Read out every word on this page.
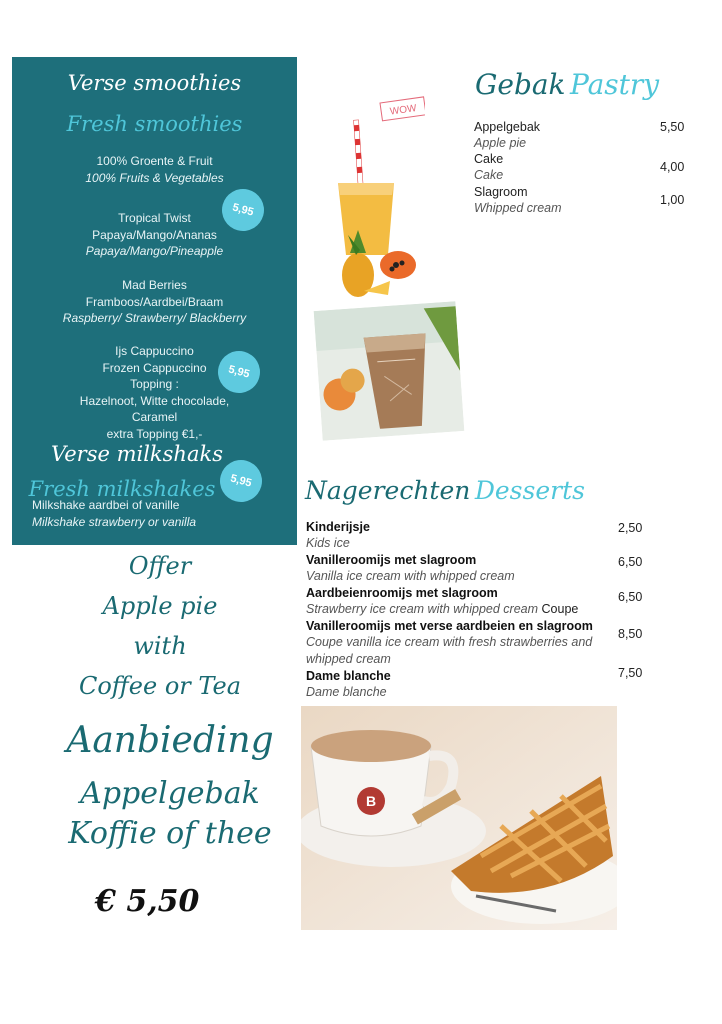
Verse smoothies
Fresh smoothies
100% Groente & Fruit
100% Fruits & Vegetables
Tropical Twist
Papaya/Mango/Ananas
Papaya/Mango/Pineapple
Mad Berries
Framboos/Aardbei/Braam
Raspberry/ Strawberry/ Blackberry
5,95
Ijs Cappuccino
Frozen Cappuccino
Topping :
Hazelnoot, Witte chocolade,
Caramel
extra Topping €1,-
5,95
Verse milkshaks
Fresh milkshakes
Milkshake aardbei of vanille
Milkshake strawberry or vanilla
5,95
Offer
Apple pie
with
Coffee or Tea
Aanbieding
Appelgebak
Koffie of thee
€ 5,50
WOW
Gebak Pastry
Appelgebak
Apple pie
5,50
Cake
Cake
4,00
Slagroom
Whipped cream
1,00
Nagerechten Desserts
Kinderijsje
Kids ice
2,50
Vanilleroomijs met slagroom
Vanilla ice cream with whipped cream
6,50
Aardbeienroomijs met slagroom
Strawberry ice cream with whipped cream Coupe
6,50
Vanilleroomijs met verse aardbeien en slagroom Coupe vanilla ice cream with fresh strawberries and whipped cream
8,50
Dame blanche
Dame blanche
7,50
B
